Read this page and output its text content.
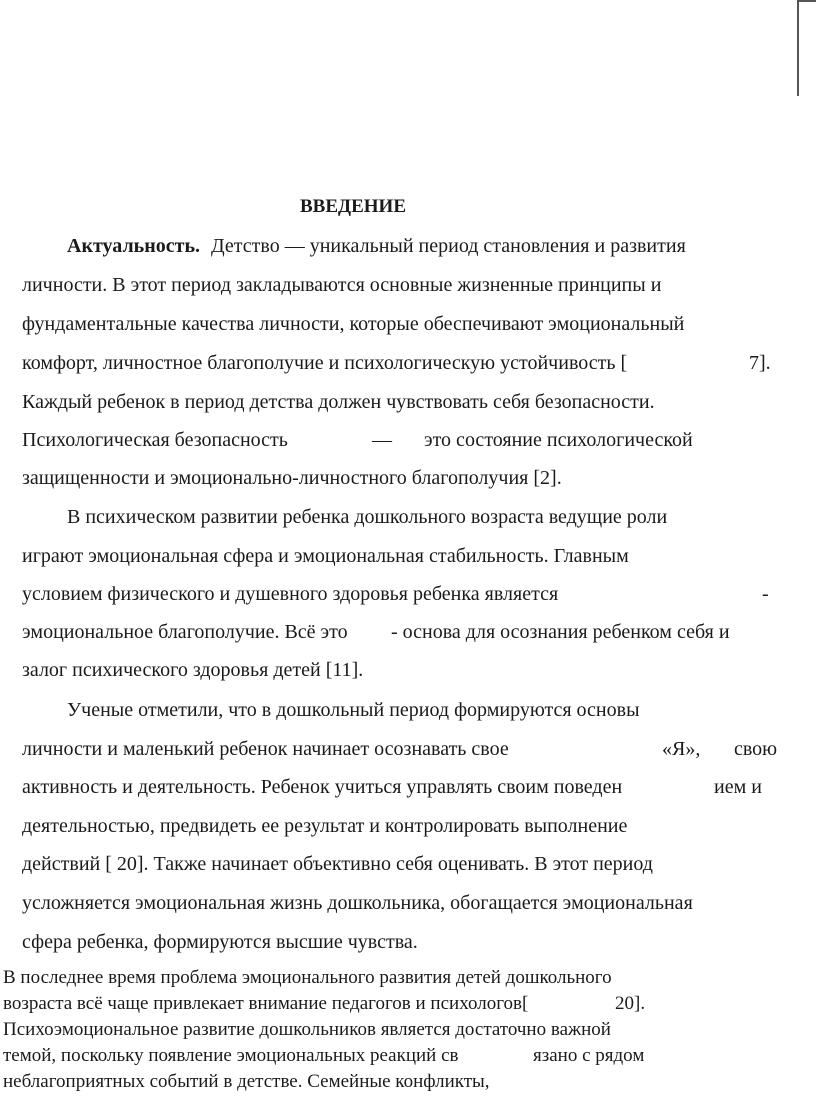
ВВЕДЕНИЕ
Актуальность. Детство — уникальный период становления и развития
личности. В этот период закладываются основные жизненные принципы и
фундаментальные качества личности, которые обеспечивают эмоциональный
комфорт, личностное благополучие и психологическую устойчивость [	7].
Каждый ребенок в период детства должен чувствовать себя безопасности.
Психологическая безопасность	— это состояние психологической
защищенности и эмоционально-личностного благополучия [2].
В психическом развитии ребенка дошкольного возраста ведущие роли
играют эмоциональная сфера и эмоциональная стабильность. Главным
условием физического и душевного здоровья ребенка является	-
эмоциональное благополучие. Всё это - основа для осознания ребенком себя и
залог психического здоровья детей [11].
Ученые отметили, что в дошкольный период формируются основы
личности и маленький ребенок начинает осознавать свое	«Я», свою
активность и деятельность. Ребенок учиться управлять своим поведен	ием и
деятельностью, предвидеть ее результат и контролировать выполнение
действий [ 20]. Также начинает объективно себя оценивать. В этот период
усложняется эмоциональная жизнь дошкольника, обогащается эмоциональная
сфера ребенка, формируются высшие чувства.
В последнее время проблема эмоционального развития детей дошкольного
возраста всё чаще привлекает внимание педагогов и психологов[	20].
Психоэмоциональное развитие дошкольников является достаточно важной
темой, поскольку появление эмоциональных реакций св	язано с рядом
неблагоприятных событий в детстве. Семейные конфликты,
